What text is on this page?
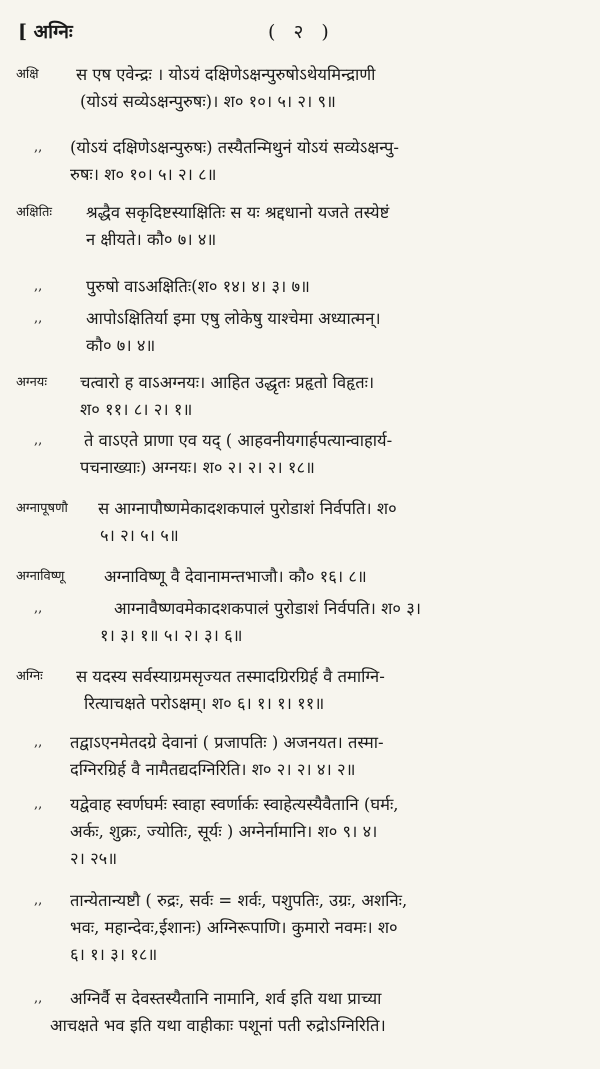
[ अग्निः	( २ )
अक्षि स एष एवेन्द्रः । योऽयं दक्षिणेऽक्षन्पुरुषोऽथेयमिन्द्राणी
(योऽयं सव्येऽक्षन्पुरुषः)। श० १०। ५। २। ९॥
,, (योऽयं दक्षिणेऽक्षन्पुरुषः) तस्यैतन्मिथुनं योऽयं सव्येऽक्षन्पु-
रुषः। श० १०। ५। २। ८॥
अक्षितिः श्रद्धैव सकृदिष्टस्याक्षितिः स यः श्रद्दधानो यजते तस्येष्टं
न क्षीयते। कौ० ७। ४॥
,,	पुरुषो वाऽअक्षितिः(श० १४। ४। ३। ७॥
,,	आपोऽक्षितिर्या इमा एषु लोकेषु याश्चेमा अध्यात्मन्।
कौ० ७। ४॥
अग्नयः चत्वारो ह वाऽअग्नयः। आहित उद्धृतः प्रहृतो विहृतः।
श० ११। ८। २। १॥
,,	ते वाऽएते प्राणा एव यद् ( आहवनीयगार्हपत्यान्वाहार्य-
पचनाख्याः) अग्नयः। श० २। २। २। १८॥
अग्नापूषणौ स आग्नापौष्णमेकादशकपालं पुरोडाशं निर्वपति। श०
५। २। ५। ५॥
अग्नाविष्णू अग्नाविष्णू वै देवानामन्तभाजौ। कौ० १६। ८॥
,,	आग्नावैष्णवमेकादशकपालं पुरोडाशं निर्वपति। श० ३।
१। ३। १॥ ५। २। ३। ६॥
अग्निः स यदस्य सर्वस्याग्रमसृज्यत तस्मादग्रिरग्रिर्ह वै तमाग्नि-
रित्याचक्षते परोऽक्षम्। श० ६। १। १। ११॥
,, तद्वाऽएनमेतदग्रे देवानां ( प्रजापतिः ) अजनयत। तस्मा-
दग्निरग्रिर्ह वै नामैतद्यदग्निरिति। श० २। २। ४। २॥
,, यद्वेवाह स्वर्णघर्मः स्वाहा स्वर्णार्कः स्वाहेत्यस्यैवैतानि (घर्मः,
अर्कः, शुक्रः, ज्योतिः, सूर्यः ) अग्नेर्नामानि। श० ९। ४।
२। २५॥
,, तान्येतान्यष्टौ ( रुद्रः, सर्वः = शर्वः, पशुपतिः, उग्रः, अशनिः,
भवः, महान्देवः,ईशानः) अग्निरूपाणि। कुमारो नवमः। श०
६। १। ३। १८॥
,, अग्निर्वै स देवस्तस्यैतानि नामानि, शर्व इति यथा प्राच्या
आचक्षते भव इति यथा वाहीकाः पशूनां पती रुद्रोऽग्निरिति।
